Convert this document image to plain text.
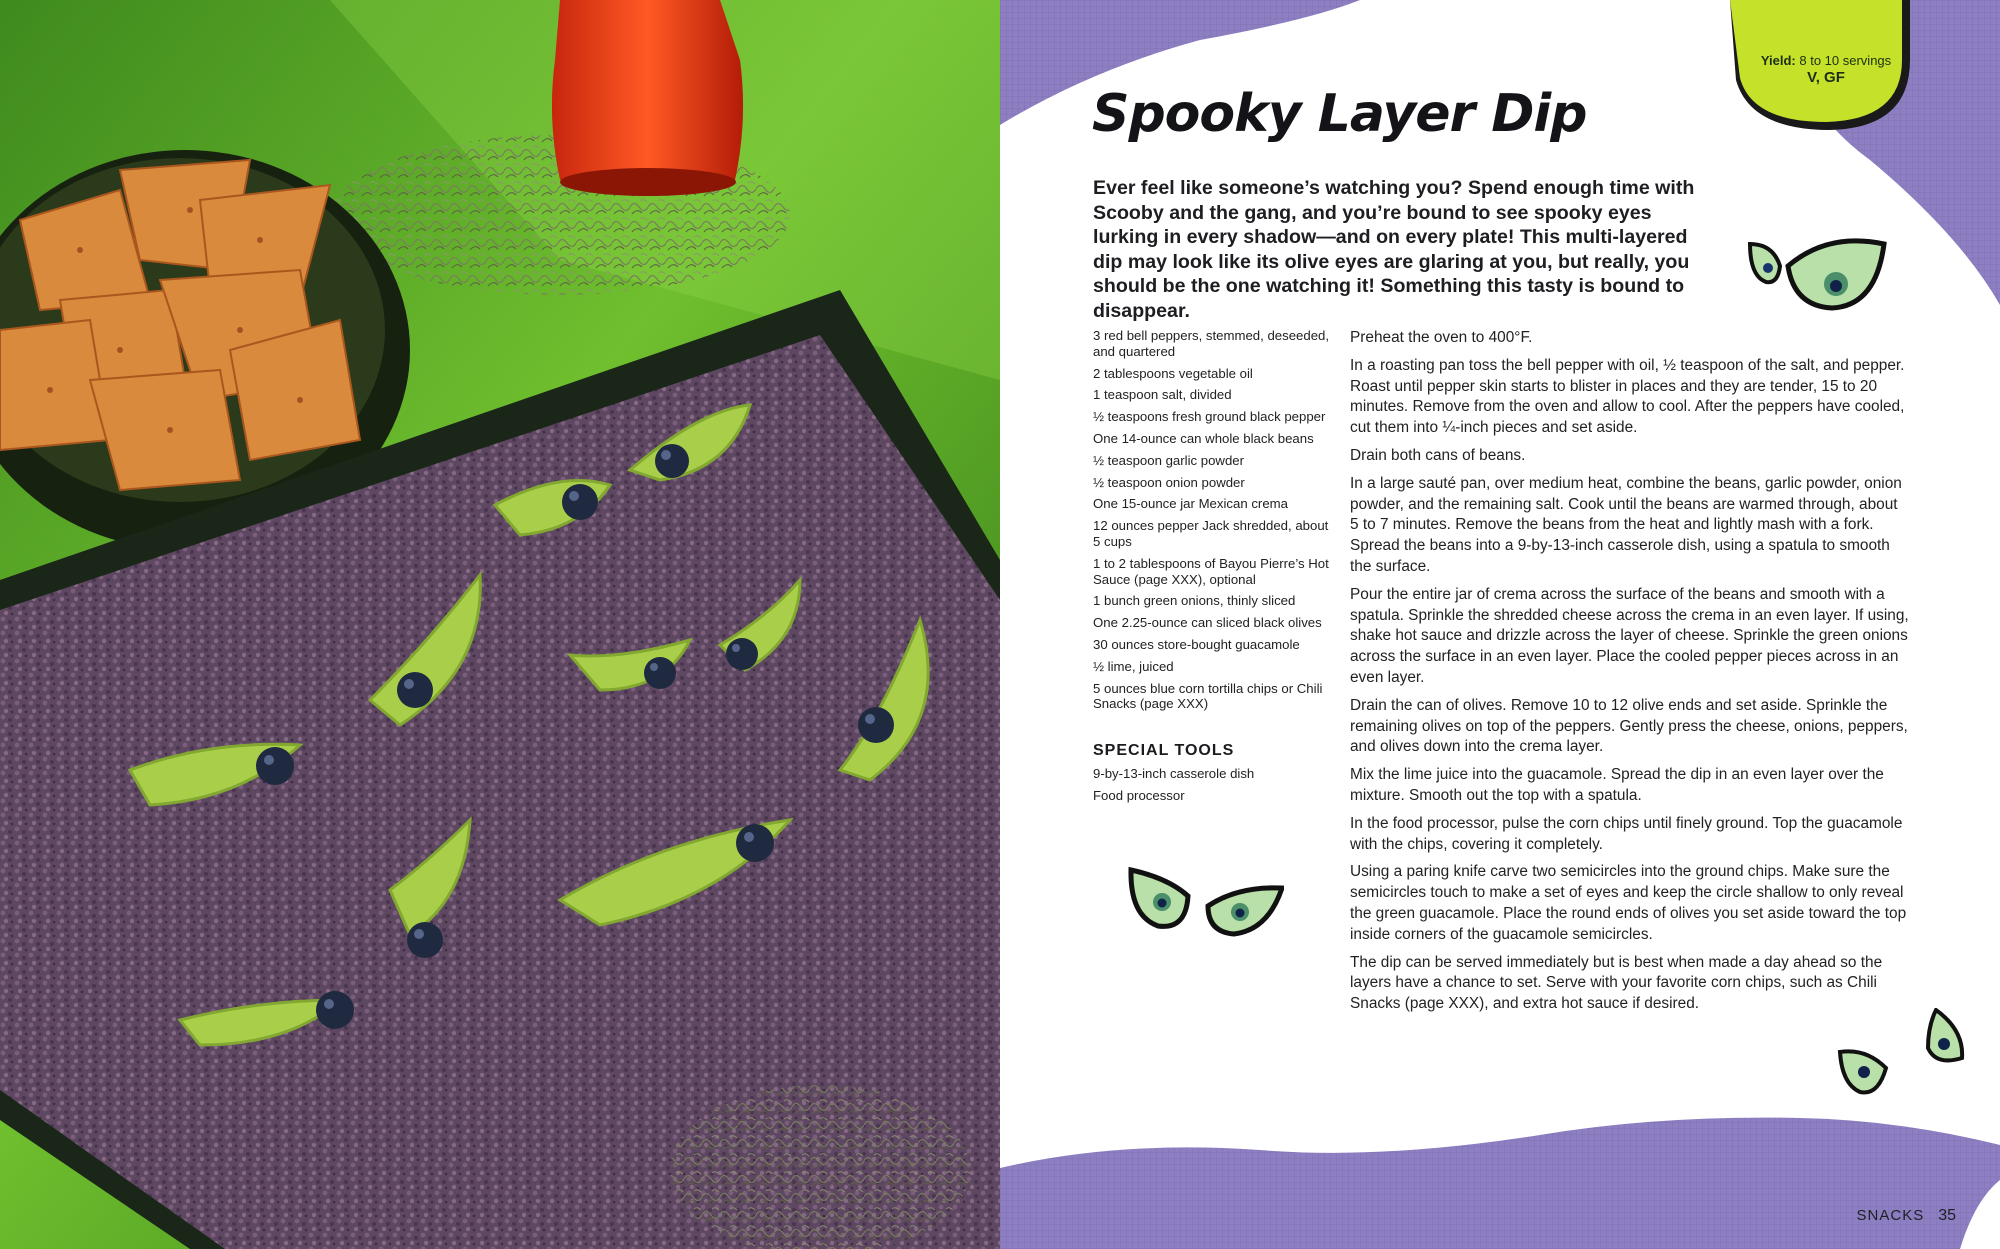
Yield: 8 to 10 servings
V, GF
Spooky Layer Dip

Ever feel like someone’s watching you? Spend enough time with Scooby and the gang, and you’re bound to see spooky eyes lurking in every shadow—and on every plate! This multi-layered dip may look like its olive eyes are glaring at you, but really, you should be the one watching it! Something this tasty is bound to disappear.

3 red bell peppers, stemmed, deseeded, and quartered
2 tablespoons vegetable oil
1 teaspoon salt, divided
½ teaspoons fresh ground black pepper
One 14-ounce can whole black beans
½ teaspoon garlic powder
½ teaspoon onion powder
One 15-ounce jar Mexican crema
12 ounces pepper Jack shredded, about 5 cups
1 to 2 tablespoons of Bayou Pierre’s Hot Sauce (page XXX), optional
1 bunch green onions, thinly sliced
One 2.25-ounce can sliced black olives
30 ounces store-bought guacamole
½ lime, juiced
5 ounces blue corn tortilla chips or Chili Snacks (page XXX)
SPECIAL TOOLS
9-by-13-inch casserole dish
Food processor

Preheat the oven to 400°F.

In a roasting pan toss the bell pepper with oil, ½ teaspoon of the salt, and pepper. Roast until pepper skin starts to blister in places and they are tender, 15 to 20 minutes. Remove from the oven and allow to cool. After the peppers have cooled, cut them into ¼-inch pieces and set aside.

Drain both cans of beans.

In a large sauté pan, over medium heat, combine the beans, garlic powder, onion powder, and the remaining salt. Cook until the beans are warmed through, about 5 to 7 minutes. Remove the beans from the heat and lightly mash with a fork. Spread the beans into a 9-by-13-inch casserole dish, using a spatula to smooth the surface.

Pour the entire jar of crema across the surface of the beans and smooth with a spatula. Sprinkle the shredded cheese across the crema in an even layer. If using, shake hot sauce and drizzle across the layer of cheese. Sprinkle the green onions across the surface in an even layer. Place the cooled pepper pieces across in an even layer.

Drain the can of olives. Remove 10 to 12 olive ends and set aside. Sprinkle the remaining olives on top of the peppers. Gently press the cheese, onions, peppers, and olives down into the crema layer.

Mix the lime juice into the guacamole. Spread the dip in an even layer over the mixture. Smooth out the top with a spatula.

In the food processor, pulse the corn chips until finely ground. Top the guacamole with the chips, covering it completely.

Using a paring knife carve two semicircles into the ground chips. Make sure the semicircles touch to make a set of eyes and keep the circle shallow to only reveal the green guacamole. Place the round ends of olives you set aside toward the top inside corners of the guacamole semicircles.

The dip can be served immediately but is best when made a day ahead so the layers have a chance to set. Serve with your favorite corn chips, such as Chili Snacks (page XXX), and extra hot sauce if desired.

SNACKS 35
